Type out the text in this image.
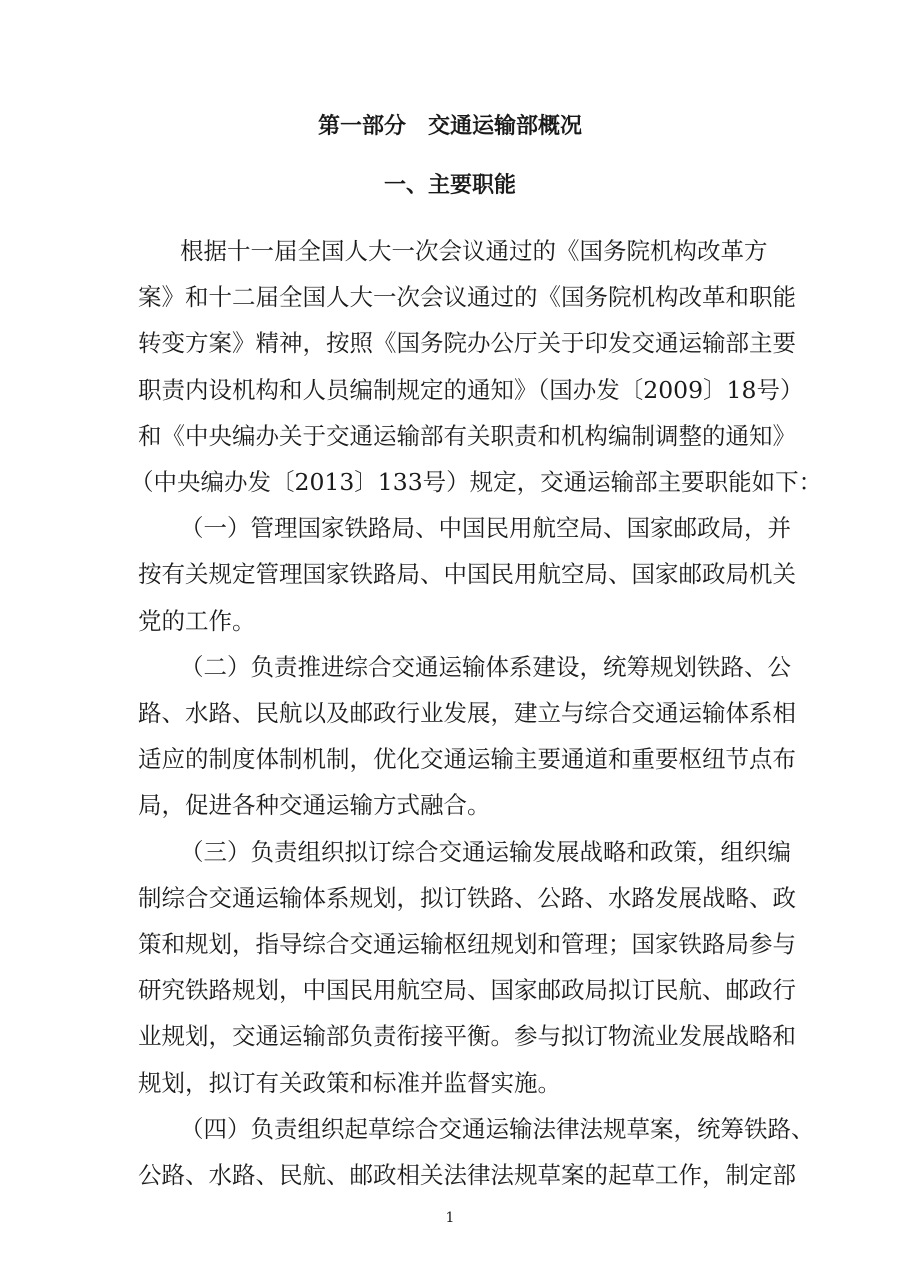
第一部分　交通运输部概况
一、主要职能
根据十一届全国人大一次会议通过的《国务院机构改革方
案》和十二届全国人大一次会议通过的《国务院机构改革和职能
转变方案》精神，按照《国务院办公厅关于印发交通运输部主要
职责内设机构和人员编制规定的通知》（国办发〔2009〕18号）
和《中央编办关于交通运输部有关职责和机构编制调整的通知》
（中央编办发〔2013〕133号）规定，交通运输部主要职能如下：
（一）管理国家铁路局、中国民用航空局、国家邮政局，并
按有关规定管理国家铁路局、中国民用航空局、国家邮政局机关
党的工作。
（二）负责推进综合交通运输体系建设，统筹规划铁路、公
路、水路、民航以及邮政行业发展，建立与综合交通运输体系相
适应的制度体制机制，优化交通运输主要通道和重要枢纽节点布
局，促进各种交通运输方式融合。
（三）负责组织拟订综合交通运输发展战略和政策，组织编
制综合交通运输体系规划，拟订铁路、公路、水路发展战略、政
策和规划，指导综合交通运输枢纽规划和管理；国家铁路局参与
研究铁路规划，中国民用航空局、国家邮政局拟订民航、邮政行
业规划，交通运输部负责衔接平衡。参与拟订物流业发展战略和
规划，拟订有关政策和标准并监督实施。
（四）负责组织起草综合交通运输法律法规草案，统筹铁路、
公路、水路、民航、邮政相关法律法规草案的起草工作，制定部
1
